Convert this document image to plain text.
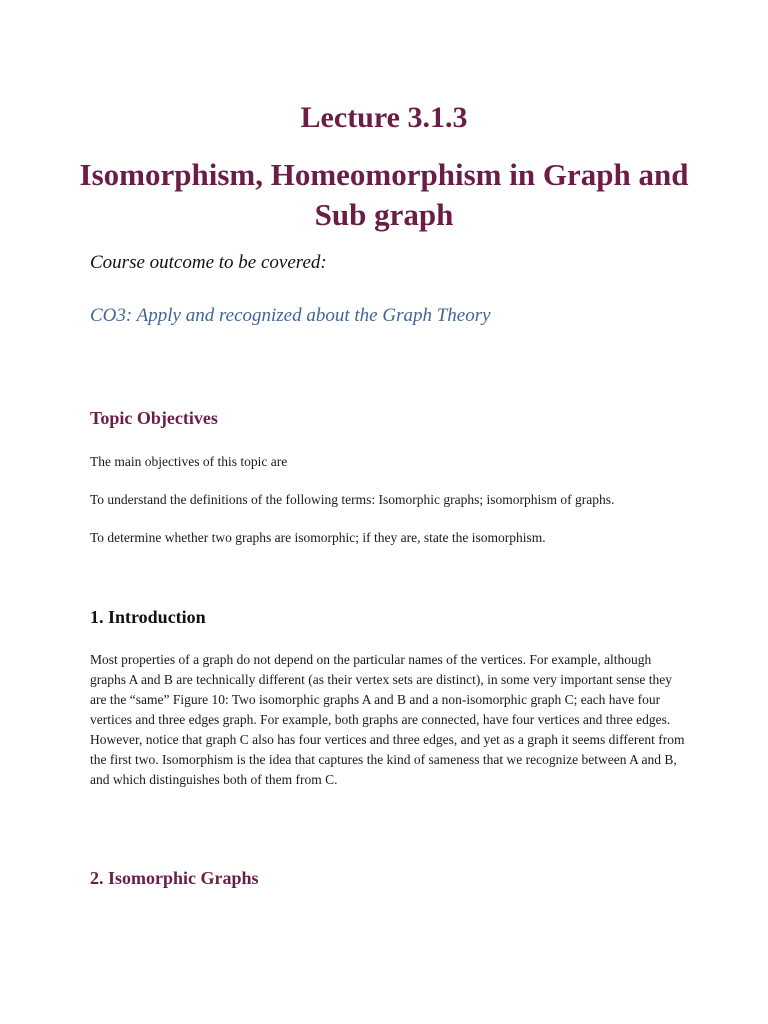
Lecture 3.1.3
Isomorphism, Homeomorphism in Graph and Sub graph

Course outcome to be covered:

CO3: Apply and recognized about the Graph Theory

Topic Objectives

The main objectives of this topic are

To understand the definitions of the following terms: Isomorphic graphs; isomorphism of graphs.

To determine whether two graphs are isomorphic; if they are, state the isomorphism.

1. Introduction

Most properties of a graph do not depend on the particular names of the vertices. For example, although graphs A and B are technically different (as their vertex sets are distinct), in some very important sense they are the “same” Figure 10: Two isomorphic graphs A and B and a non-isomorphic graph C; each have four vertices and three edges graph. For example, both graphs are connected, have four vertices and three edges. However, notice that graph C also has four vertices and three edges, and yet as a graph it seems different from the first two. Isomorphism is the idea that captures the kind of sameness that we recognize between A and B, and which distinguishes both of them from C.

2. Isomorphic Graphs
